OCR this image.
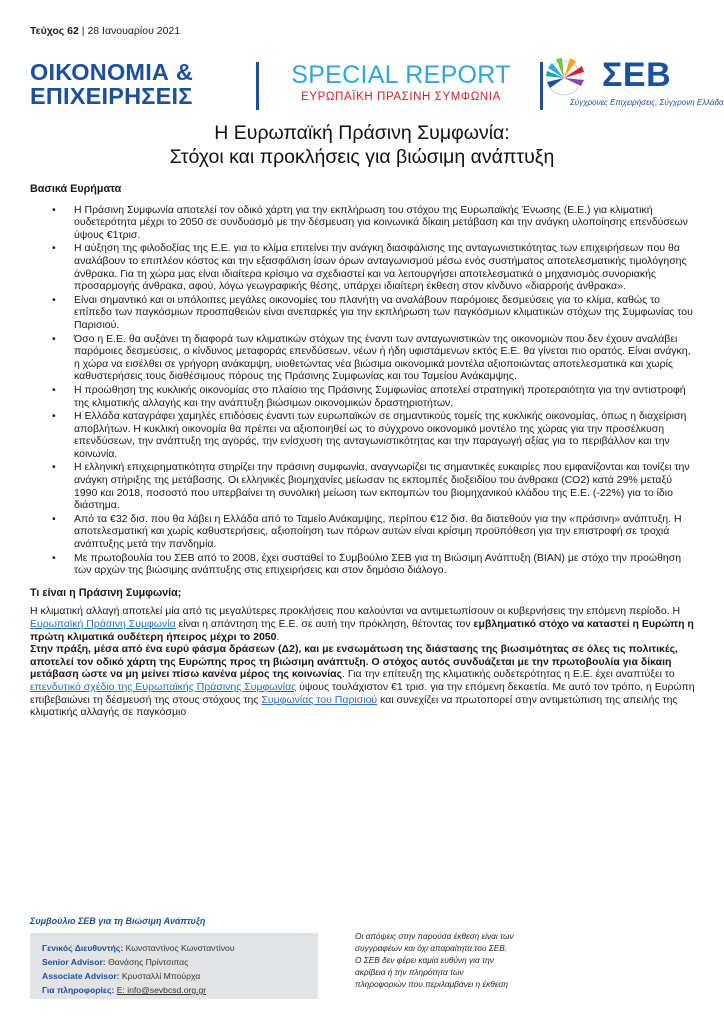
Τεύχος 62 | 28 Ιανουαρίου 2021
ΟΙΚΟΝΟΜΙΑ &
ΕΠΙΧΕΙΡΗΣΕΙΣ
SPECIAL REPORT
ΕΥΡΩΠΑΪΚΗ ΠΡΑΣΙΝΗ ΣΥΜΦΩΝΙΑ
ΣΕΒ
Σύγχρονες Επιχειρήσεις, Σύγχρονη Ελλάδα
Η Ευρωπαϊκή Πράσινη Συμφωνία:
Στόχοι και προκλήσεις για βιώσιμη ανάπτυξη
Βασικά Ευρήματα
• Η Πράσινη Συμφωνία αποτελεί τον οδικό χάρτη για την εκπλήρωση του στόχου της Ευρωπαϊκής Ένωσης (Ε.Ε.) για κλιματική ουδετερότητα μέχρι το 2050 σε συνδυασμό με την δέσμευση για κοινωνικά δίκαιη μετάβαση και την ανάγκη υλοποίησης επενδύσεων ύψους €1τρισ.
• Η αύξηση της φιλοδοξίας της Ε.Ε. για το κλίμα επιτείνει την ανάγκη διασφάλισης της ανταγωνιστικότητας των επιχειρήσεων που θα αναλάβουν το επιπλέον κόστος και την εξασφάλιση ίσων όρων ανταγωνισμού μέσω ενός συστήματος αποτελεσματικής τιμολόγησης άνθρακα. Για τη χώρα μας είναι ιδιαίτερα κρίσιμο να σχεδιαστεί και να λειτουργήσει αποτελεσματικά ο μηχανισμός συνοριακής προσαρμογής άνθρακα, αφού, λόγω γεωγραφικής θέσης, υπάρχει ιδιαίτερη έκθεση στον κίνδυνο «διαρροής άνθρακα».
• Είναι σημαντικό και οι υπόλοιπες μεγάλες οικονομίες του πλανήτη να αναλάβουν παρόμοιες δεσμεύσεις για το κλίμα, καθώς το επίπεδο των παγκόσμιων προσπαθειών είναι ανεπαρκές για την εκπλήρωση των παγκόσμιων κλιματικών στόχων της Συμφωνίας του Παρισιού.
• Όσο η Ε.Ε. θα αυξάνει τη διαφορά των κλιματικών στόχων της έναντι των ανταγωνιστικών της οικονομιών που δεν έχουν αναλάβει παρόμοιες δεσμεύσεις, ο κίνδυνος μεταφοράς επενδύσεων, νέων ή ήδη υφιστάμενων εκτός Ε.Ε. θα γίνεται πιο ορατός. Είναι ανάγκη, η χώρα να εισέλθει σε γρήγορη ανάκαμψη, υιοθετώντας νέα βιώσιμα οικονομικά μοντέλα αξιοποιώντας αποτελεσματικά και χωρίς καθυστερήσεις τους διαθέσιμους πόρους της Πράσινης Συμφωνίας και του Ταμείου Ανάκαμψης.
• Η προώθηση της κυκλικής οικονομίας στο πλαίσιο της Πράσινης Συμφωνίας αποτελεί στρατηγική προτεραιότητα για την αντιστροφή της κλιματικής αλλαγής και την ανάπτυξη βιώσιμων οικονομικών δραστηριοτήτων.
• Η Ελλάδα καταγράφει χαμηλές επιδόσεις έναντι των ευρωπαϊκών σε σημαντικούς τομείς της κυκλικής οικονομίας, όπως η διαχείριση αποβλήτων. Η κυκλική οικονομία θα πρέπει να αξιοποιηθεί ως το σύγχρονο οικονομικό μοντέλο της χώρας για την προσέλκυση επενδύσεων, την ανάπτυξη της αγοράς, την ενίσχυση της ανταγωνιστικότητας και την παραγωγή αξίας για το περιβάλλον και την κοινωνία.
• Η ελληνική επιχειρηματικότητα στηρίζει την πράσινη συμφωνία, αναγνωρίζει τις σημαντικές ευκαιρίες που εμφανίζονται και τονίζει την ανάγκη στήριξης της μετάβασης. Οι ελληνικές βιομηχανίες μείωσαν τις εκπομπές διοξειδίου του άνθρακα (CO2) κατά 29% μεταξύ 1990 και 2018, ποσοστό που υπερβαίνει τη συνολική μείωση των εκπομπών του βιομηχανικού κλάδου της Ε.Ε. (-22%) για το ίδιο διάστημα.
• Από τα €32 δισ. που θα λάβει η Ελλάδα από το Ταμείο Ανάκαμψης, περίπου €12 δισ. θα διατεθούν για την «πράσινη» ανάπτυξη. Η αποτελεσματική και χωρίς καθυστερήσεις, αξιοποίηση των πόρων αυτών είναι κρίσιμη προϋπόθεση για την επιστροφή σε τροχιά ανάπτυξης μετά την πανδημία.
• Με πρωτοβουλία του ΣΕΒ από το 2008, έχει συσταθεί το Συμβούλιο ΣΕΒ για τη Βιώσιμη Ανάπτυξη (ΒΙΑΝ) με στόχο την προώθηση των αρχών της βιώσιμης ανάπτυξης στις επιχειρήσεις και στον δημόσιο διάλογο.
Τι είναι η Πράσινη Συμφωνία;

Η κλιματική αλλαγή αποτελεί μία από τις μεγαλύτερες προκλήσεις που καλούνται να αντιμετωπίσουν οι κυβερνήσεις την επόμενη περίοδο. Η Ευρωπαϊκή Πράσινη Συμφωνία είναι η απάντηση της Ε.Ε. σε αυτή την πρόκληση, θέτοντας τον εμβληματικό στόχο να καταστεί η Ευρώπη η πρώτη κλιματικά ουδέτερη ήπειρος μέχρι το 2050.

Στην πράξη, μέσα από ένα ευρύ φάσμα δράσεων (Δ2), και με ενσωμάτωση της διάστασης της βιωσιμότητας σε όλες τις πολιτικές, αποτελεί τον οδικό χάρτη της Ευρώπης προς τη βιώσιμη ανάπτυξη. Ο στόχος αυτός συνδυάζεται με την πρωτοβουλία για δίκαιη μετάβαση ώστε να μη μείνει πίσω κανένα μέρος της κοινωνίας. Για την επίτευξη της κλιματικής ουδετερότητας η Ε.Ε. έχει αναπτύξει το επενδυτικό σχέδιο της Ευρωπαϊκής Πράσινης Συμφωνίας ύψους τουλάχιστον €1 τρισ. για την επόμενη δεκαετία. Με αυτό τον τρόπο, η Ευρώπη επιβεβαιώνει τη δέσμευσή της στους στόχους της Συμφωνίας του Παρισιού και συνεχίζει να πρωτοπορεί στην αντιμετώπιση της απειλής της κλιματικής αλλαγής σε παγκόσμιο

Συμβούλιο ΣΕΒ για τη Βιώσιμη Ανάπτυξη
Γενικός Διευθυντής: Κωνσταντίνος Κωνσταντίνου
Senior Advisor: Θανάσης Πρίντσιπας
Associate Advisor: Κρυσταλλί Μπούρχα
Για πληροφορίες: E: info@sevbcsd.org.gr
Οι απόψεις στην παρούσα έκθεση είναι των συγγραφέων και όχι απαραίτητα του ΣΕΒ. Ο ΣΕΒ δεν φέρει καμία ευθύνη για την ακρίβεια ή την πληρότητα των πληροφοριών που περιλαμβάνει η έκθεση
